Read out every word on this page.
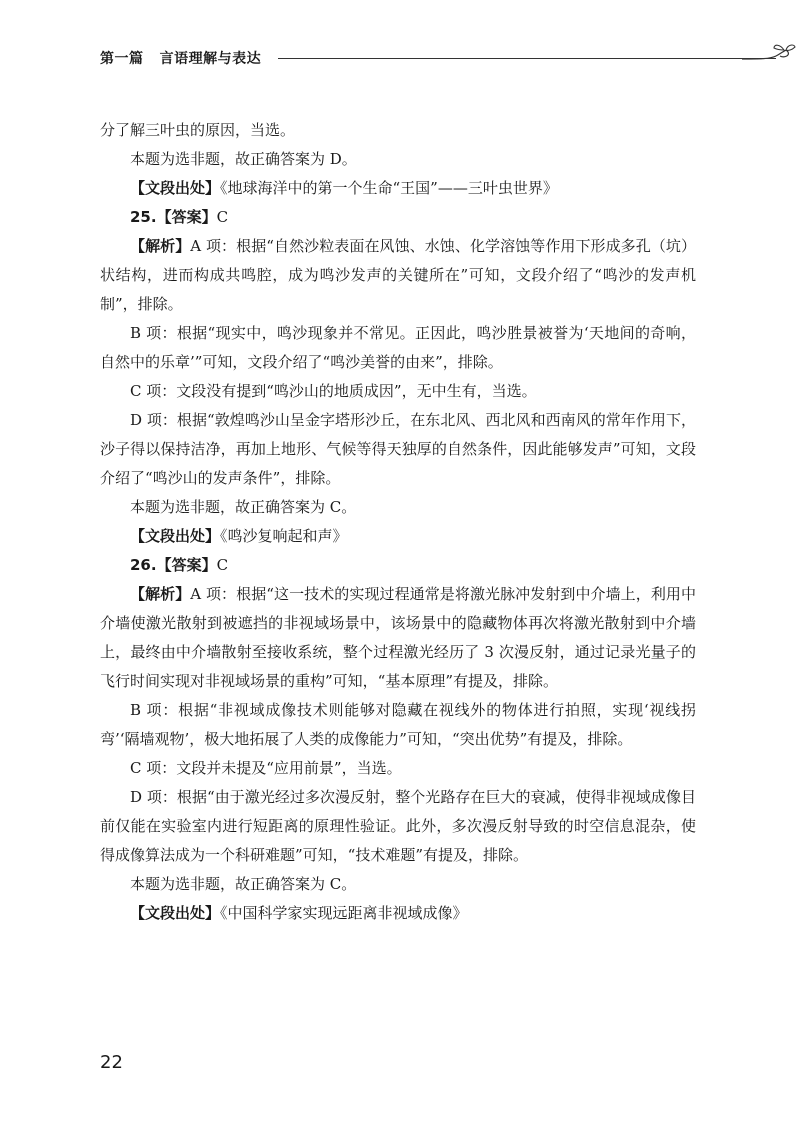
第一篇 言语理解与表达

分了解三叶虫的原因，当选。

本题为选非题，故正确答案为 D。

【文段出处】《地球海洋中的第一个生命“王国”——三叶虫世界》

25.【答案】C

【解析】A 项：根据“自然沙粒表面在风蚀、水蚀、化学溶蚀等作用下形成多孔（坑）状结构，进而构成共鸣腔，成为鸣沙发声的关键所在”可知，文段介绍了“鸣沙的发声机制”，排除。

B 项：根据“现实中，鸣沙现象并不常见。正因此，鸣沙胜景被誉为‘天地间的奇响，自然中的乐章’”可知，文段介绍了“鸣沙美誉的由来”，排除。

C 项：文段没有提到“鸣沙山的地质成因”，无中生有，当选。

D 项：根据“敦煌鸣沙山呈金字塔形沙丘，在东北风、西北风和西南风的常年作用下，沙子得以保持洁净，再加上地形、气候等得天独厚的自然条件，因此能够发声”可知，文段介绍了“鸣沙山的发声条件”，排除。

本题为选非题，故正确答案为 C。

【文段出处】《鸣沙复响起和声》

26.【答案】C

【解析】A 项：根据“这一技术的实现过程通常是将激光脉冲发射到中介墙上，利用中介墙使激光散射到被遮挡的非视域场景中，该场景中的隐藏物体再次将激光散射到中介墙上，最终由中介墙散射至接收系统，整个过程激光经历了 3 次漫反射，通过记录光量子的飞行时间实现对非视域场景的重构”可知，“基本原理”有提及，排除。

B 项：根据“非视域成像技术则能够对隐藏在视线外的物体进行拍照，实现‘视线拐弯’‘隔墙观物’，极大地拓展了人类的成像能力”可知，“突出优势”有提及，排除。

C 项：文段并未提及“应用前景”，当选。

D 项：根据“由于激光经过多次漫反射，整个光路存在巨大的衰减，使得非视域成像目前仅能在实验室内进行短距离的原理性验证。此外，多次漫反射导致的时空信息混杂，使得成像算法成为一个科研难题”可知，“技术难题”有提及，排除。

本题为选非题，故正确答案为 C。

【文段出处】《中国科学家实现远距离非视域成像》

22
